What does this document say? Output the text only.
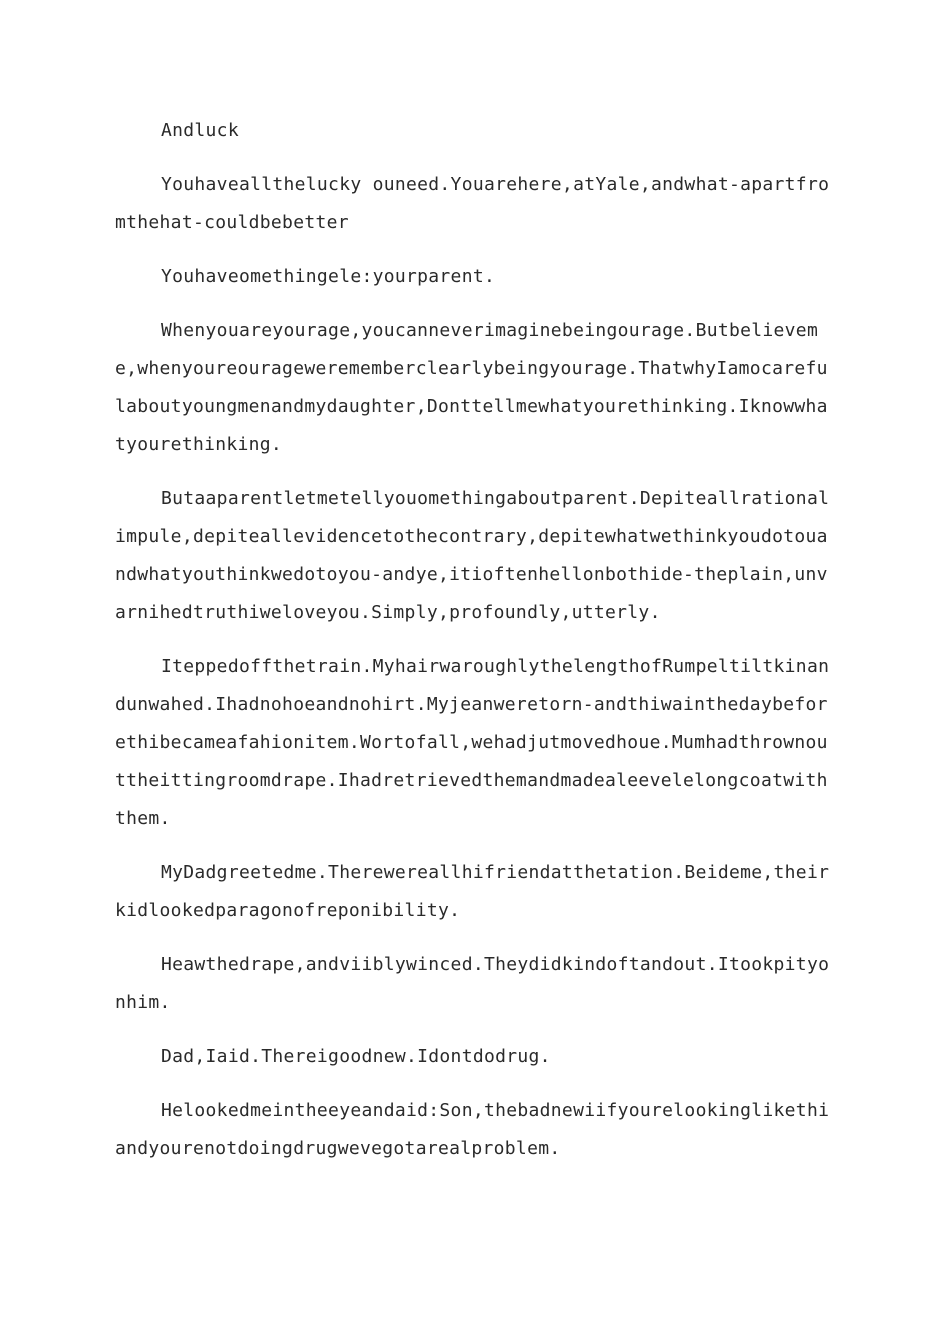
Andluck

Youhaveallthelucky ouneed.Youarehere,atYale,andwhat-apartfromthehat-couldbebetter

Youhaveomethingele:yourparent.

Whenyouareyourage,youcanneverimaginebeingourage.Butbelieveme,whenyoureouragewerememberclearlybeingyourage.ThatwhyIamocarefulaboutyoungmenandmydaughter,Donttellmewhatyourethinking.Iknowwhatyourethinking.

Butaaparentletmetellyouomethingaboutparent.Depiteallrationalimpule,depiteallevidencetothecontrary,depitewhatwethinkyoudotouandwhatyouthinkwedotoyou-andye,itioftenhellonbothide-theplain,unvarnihedtruthiweloveyou.Simply,profoundly,utterly.

Iteppedoffthetrain.MyhairwaroughlythelengthofRumpeltiltkinandunwahed.Ihadnohoeandnohirt.Myjeanweretorn-andthiwainthedaybeforethibecameafahionitem.Wortofall,wehadjutmovedhoue.Mumhadthrownouttheittingroomdrape.Ihadretrievedthemandmadealeevelelongcoatwiththem.

MyDadgreetedme.Therewereallhifriendatthetation.Beideme,theirkidlookedparagonofreponibility.

Heawthedrape,andviiblywinced.Theydidkindoftandout.Itookpityonhim.

Dad,Iaid.Thereigoodnew.Idontdodrug.

Helookedmeintheeyeandaid:Son,thebadnewiifyourelookinglikethiandyourenotdoingdrugwevegotarealproblem.
